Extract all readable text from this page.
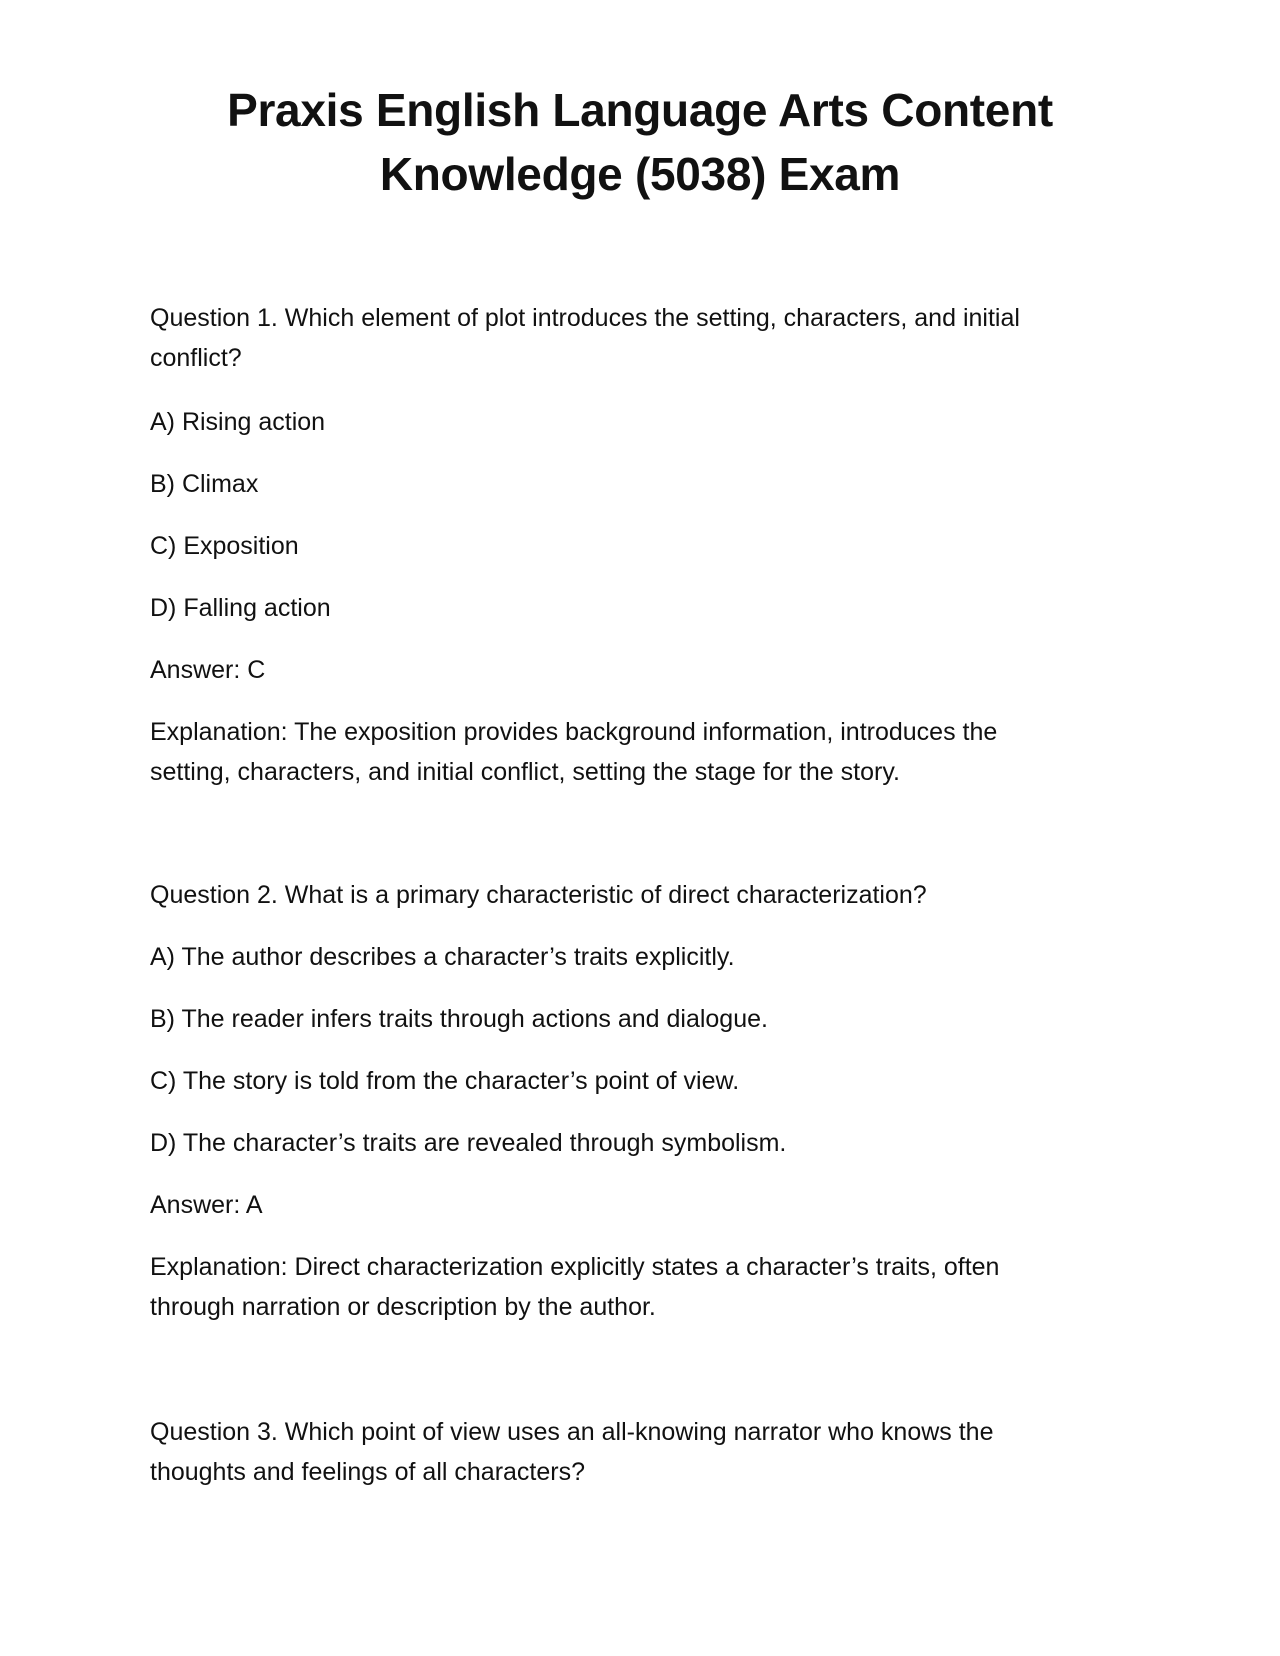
Praxis English Language Arts Content
Knowledge (5038) Exam
Question 1. Which element of plot introduces the setting, characters, and initial
conflict?
A) Rising action
B) Climax
C) Exposition
D) Falling action
Answer: C
Explanation: The exposition provides background information, introduces the
setting, characters, and initial conflict, setting the stage for the story.
Question 2. What is a primary characteristic of direct characterization?
A) The author describes a character’s traits explicitly.
B) The reader infers traits through actions and dialogue.
C) The story is told from the character’s point of view.
D) The character’s traits are revealed through symbolism.
Answer: A
Explanation: Direct characterization explicitly states a character’s traits, often
through narration or description by the author.
Question 3. Which point of view uses an all-knowing narrator who knows the
thoughts and feelings of all characters?
